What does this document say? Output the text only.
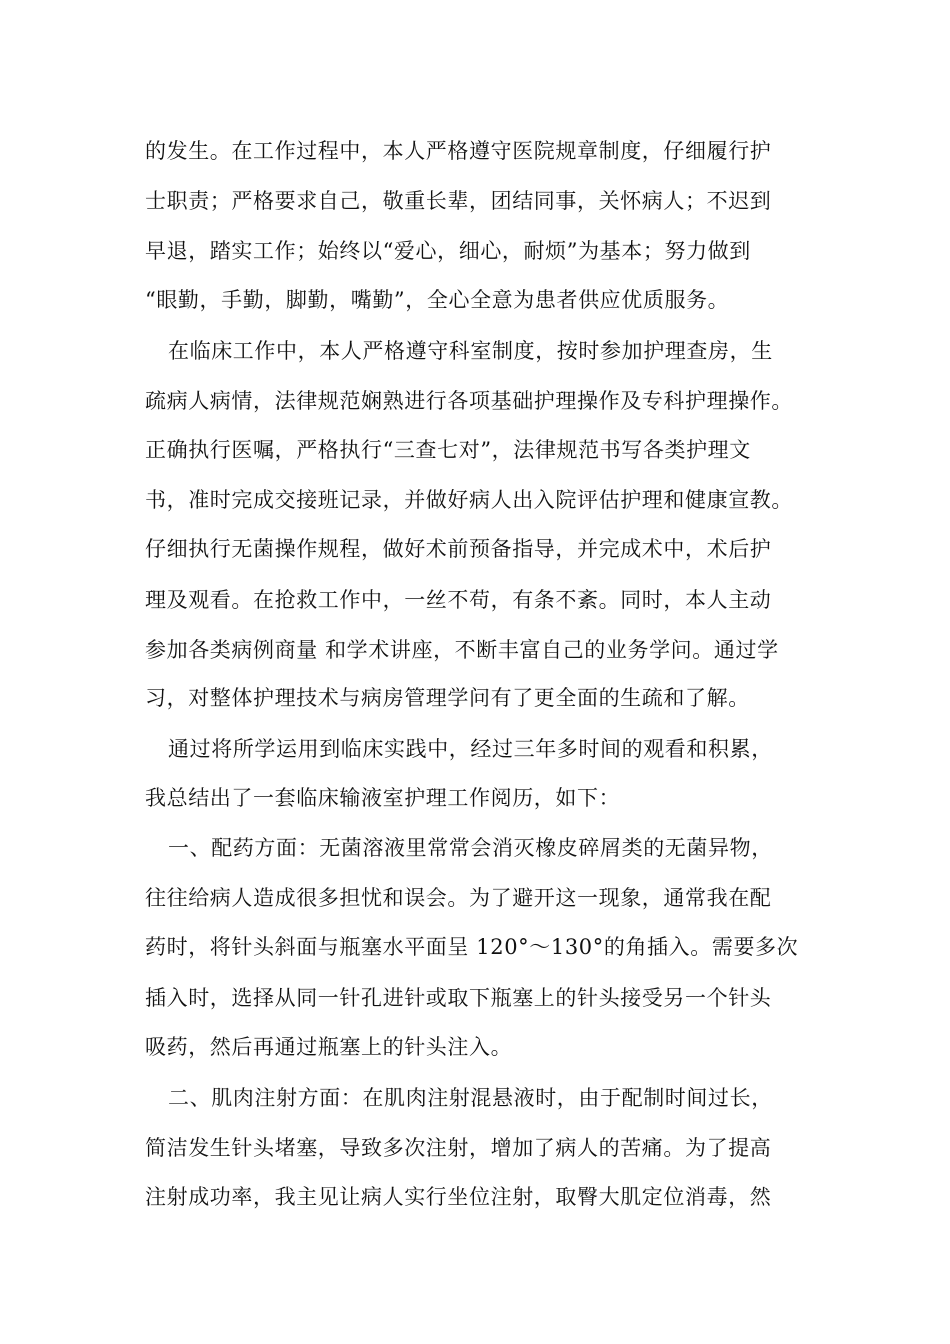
的发生。在工作过程中，本人严格遵守医院规章制度，仔细履行护
士职责；严格要求自己，敬重长辈，团结同事，关怀病人；不迟到
早退，踏实工作；始终以“爱心，细心，耐烦”为基本；努力做到
“眼勤，手勤，脚勤，嘴勤”，全心全意为患者供应优质服务。
在临床工作中，本人严格遵守科室制度，按时参加护理查房，生
疏病人病情，法律规范娴熟进行各项基础护理操作及专科护理操作。
正确执行医嘱，严格执行“三查七对”，法律规范书写各类护理文
书，准时完成交接班记录，并做好病人出入院评估护理和健康宣教。
仔细执行无菌操作规程，做好术前预备指导，并完成术中，术后护
理及观看。在抢救工作中，一丝不苟，有条不紊。同时，本人主动
参加各类病例商量 和学术讲座，不断丰富自己的业务学问。通过学
习，对整体护理技术与病房管理学问有了更全面的生疏和了解。
通过将所学运用到临床实践中，经过三年多时间的观看和积累，
我总结出了一套临床输液室护理工作阅历，如下：
一、配药方面：无菌溶液里常常会消灭橡皮碎屑类的无菌异物，
往往给病人造成很多担忧和误会。为了避开这一现象，通常我在配
药时，将针头斜面与瓶塞水平面呈 120°～130°的角插入。需要多次
插入时，选择从同一针孔进针或取下瓶塞上的针头接受另一个针头
吸药，然后再通过瓶塞上的针头注入。
二、肌肉注射方面：在肌肉注射混悬液时，由于配制时间过长，
简洁发生针头堵塞，导致多次注射，增加了病人的苦痛。为了提高
注射成功率，我主见让病人实行坐位注射，取臀大肌定位消毒，然
